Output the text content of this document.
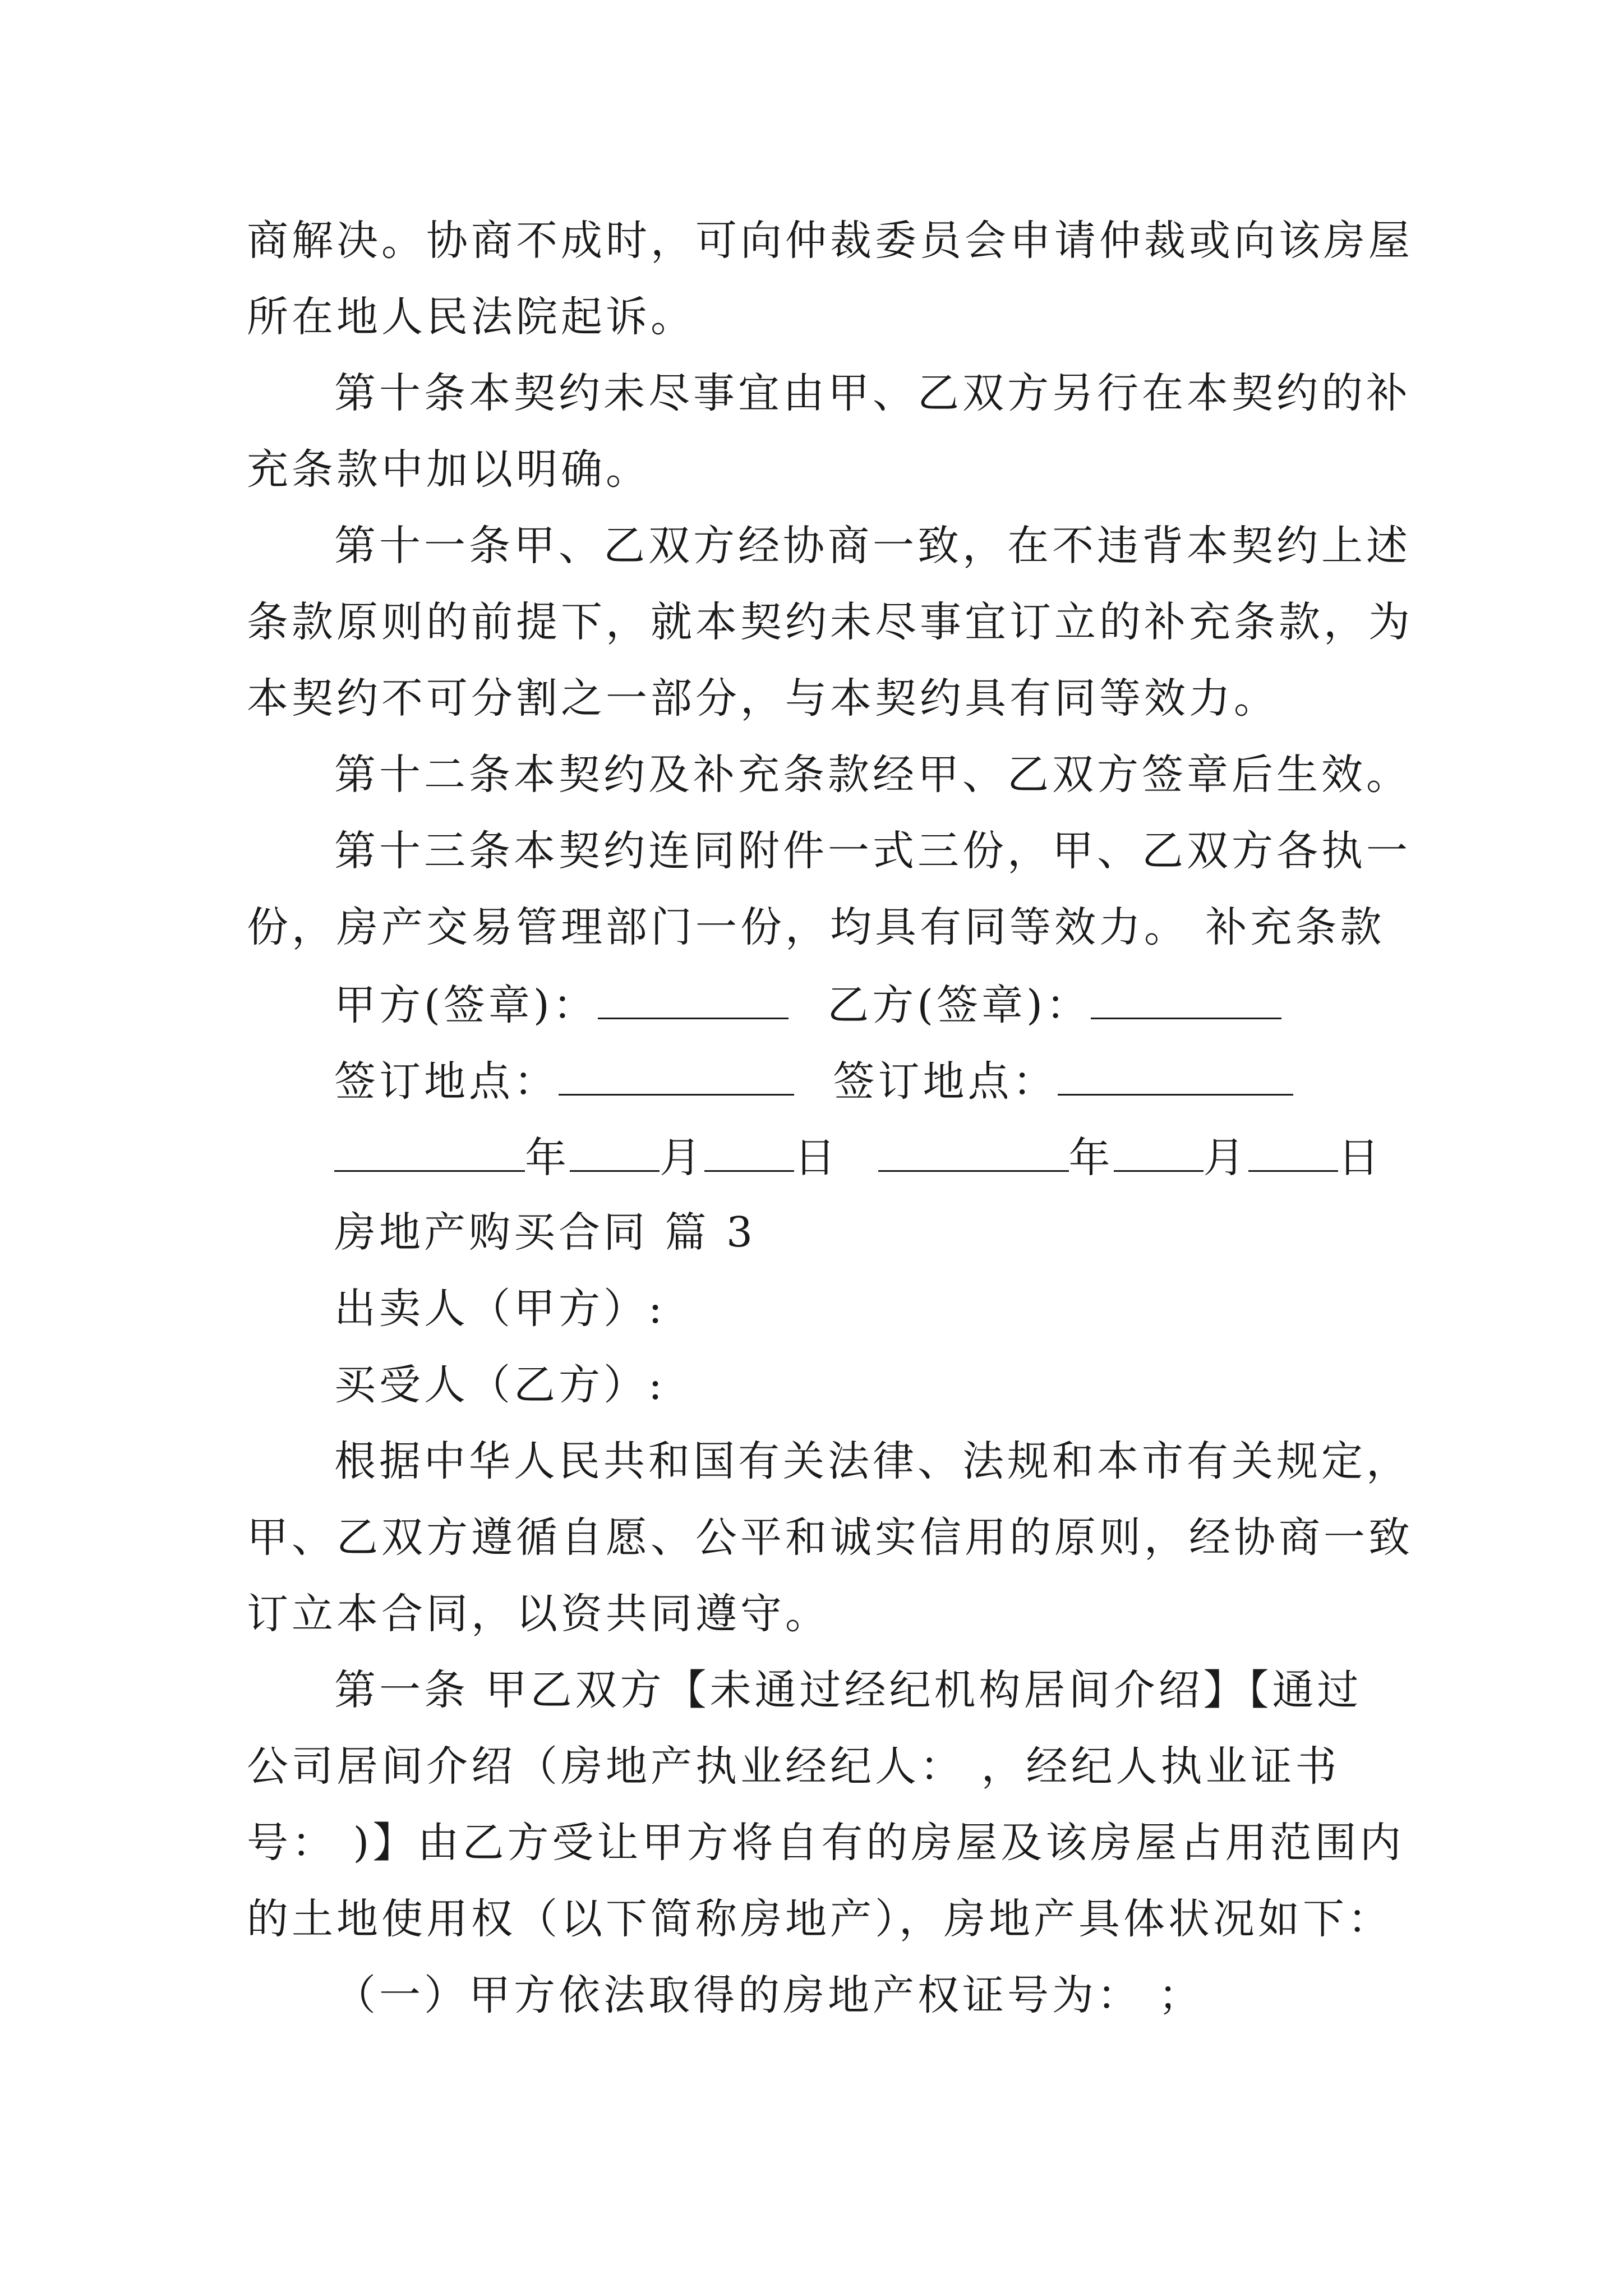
商解决。协商不成时，可向仲裁委员会申请仲裁或向该房屋
所在地人民法院起诉。
第十条本契约未尽事宜由甲、乙双方另行在本契约的补
充条款中加以明确。
第十一条甲、乙双方经协商一致，在不违背本契约上述
条款原则的前提下，就本契约未尽事宜订立的补充条款，为
本契约不可分割之一部分，与本契约具有同等效力。
第十二条本契约及补充条款经甲、乙双方签章后生效。
第十三条本契约连同附件一式三份，甲、乙双方各执一
份，房产交易管理部门一份，均具有同等效力。 补充条款
甲方(签章)：	乙方(签章)：
签订地点：	签订地点：
年 月 日	年 月 日
房地产购买合同 篇 3
出卖人（甲方）:
买受人（乙方）:
根据中华人民共和国有关法律、法规和本市有关规定，
甲、乙双方遵循自愿、公平和诚实信用的原则，经协商一致
订立本合同，以资共同遵守。
第一条 甲乙双方【未通过经纪机构居间介绍】【通过
公司居间介绍（房地产执业经纪人： ，经纪人执业证书
号： )】由乙方受让甲方将自有的房屋及该房屋占用范围内
的土地使用权（以下简称房地产），房地产具体状况如下：
（一）甲方依法取得的房地产权证号为： ；
